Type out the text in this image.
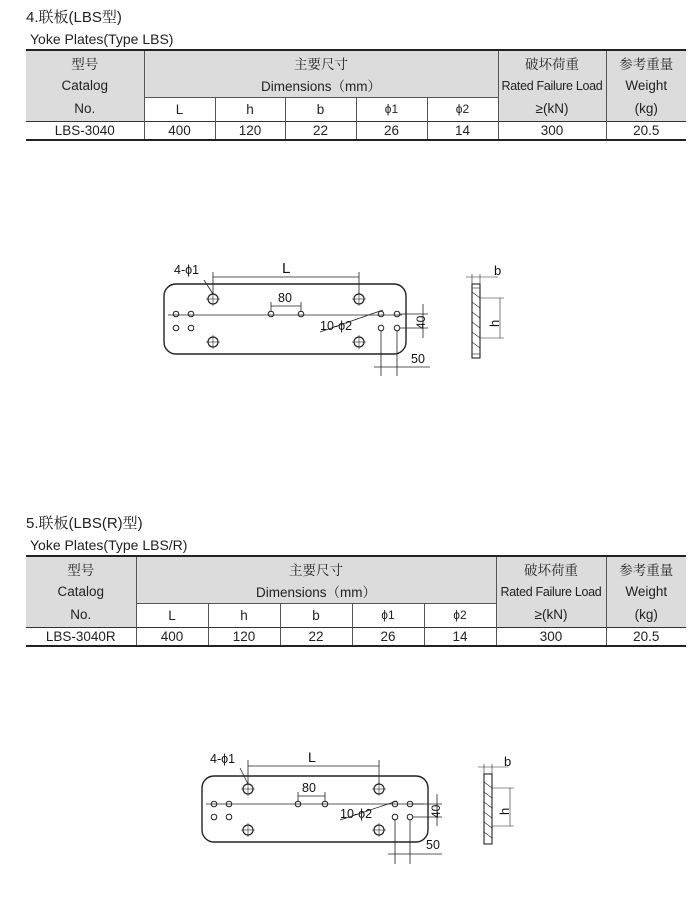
4.联板(LBS型)
Yoke Plates(Type LBS)
型号	主要尺寸					破坏荷重	参考重量
Catalog	Dimensions（mm）					Rated Failure Load	Weight
No.	L	h	b	ϕ1	ϕ2	≥(kN)	(kg)
LBS-3040	400	120	22	26	14	300	20.5
4-ϕ1	L
80
10-ϕ2	40
50
b
h
5.联板(LBS(R)型)
Yoke Plates(Type LBS/R)
型号	主要尺寸					破坏荷重	参考重量
Catalog	Dimensions（mm）					Rated Failure Load	Weight
No.	L	h	b	ϕ1	ϕ2	≥(kN)	(kg)
LBS-3040R	400	120	22	26	14	300	20.5
4-ϕ1	L
80
10-ϕ2	40
50
b
h
